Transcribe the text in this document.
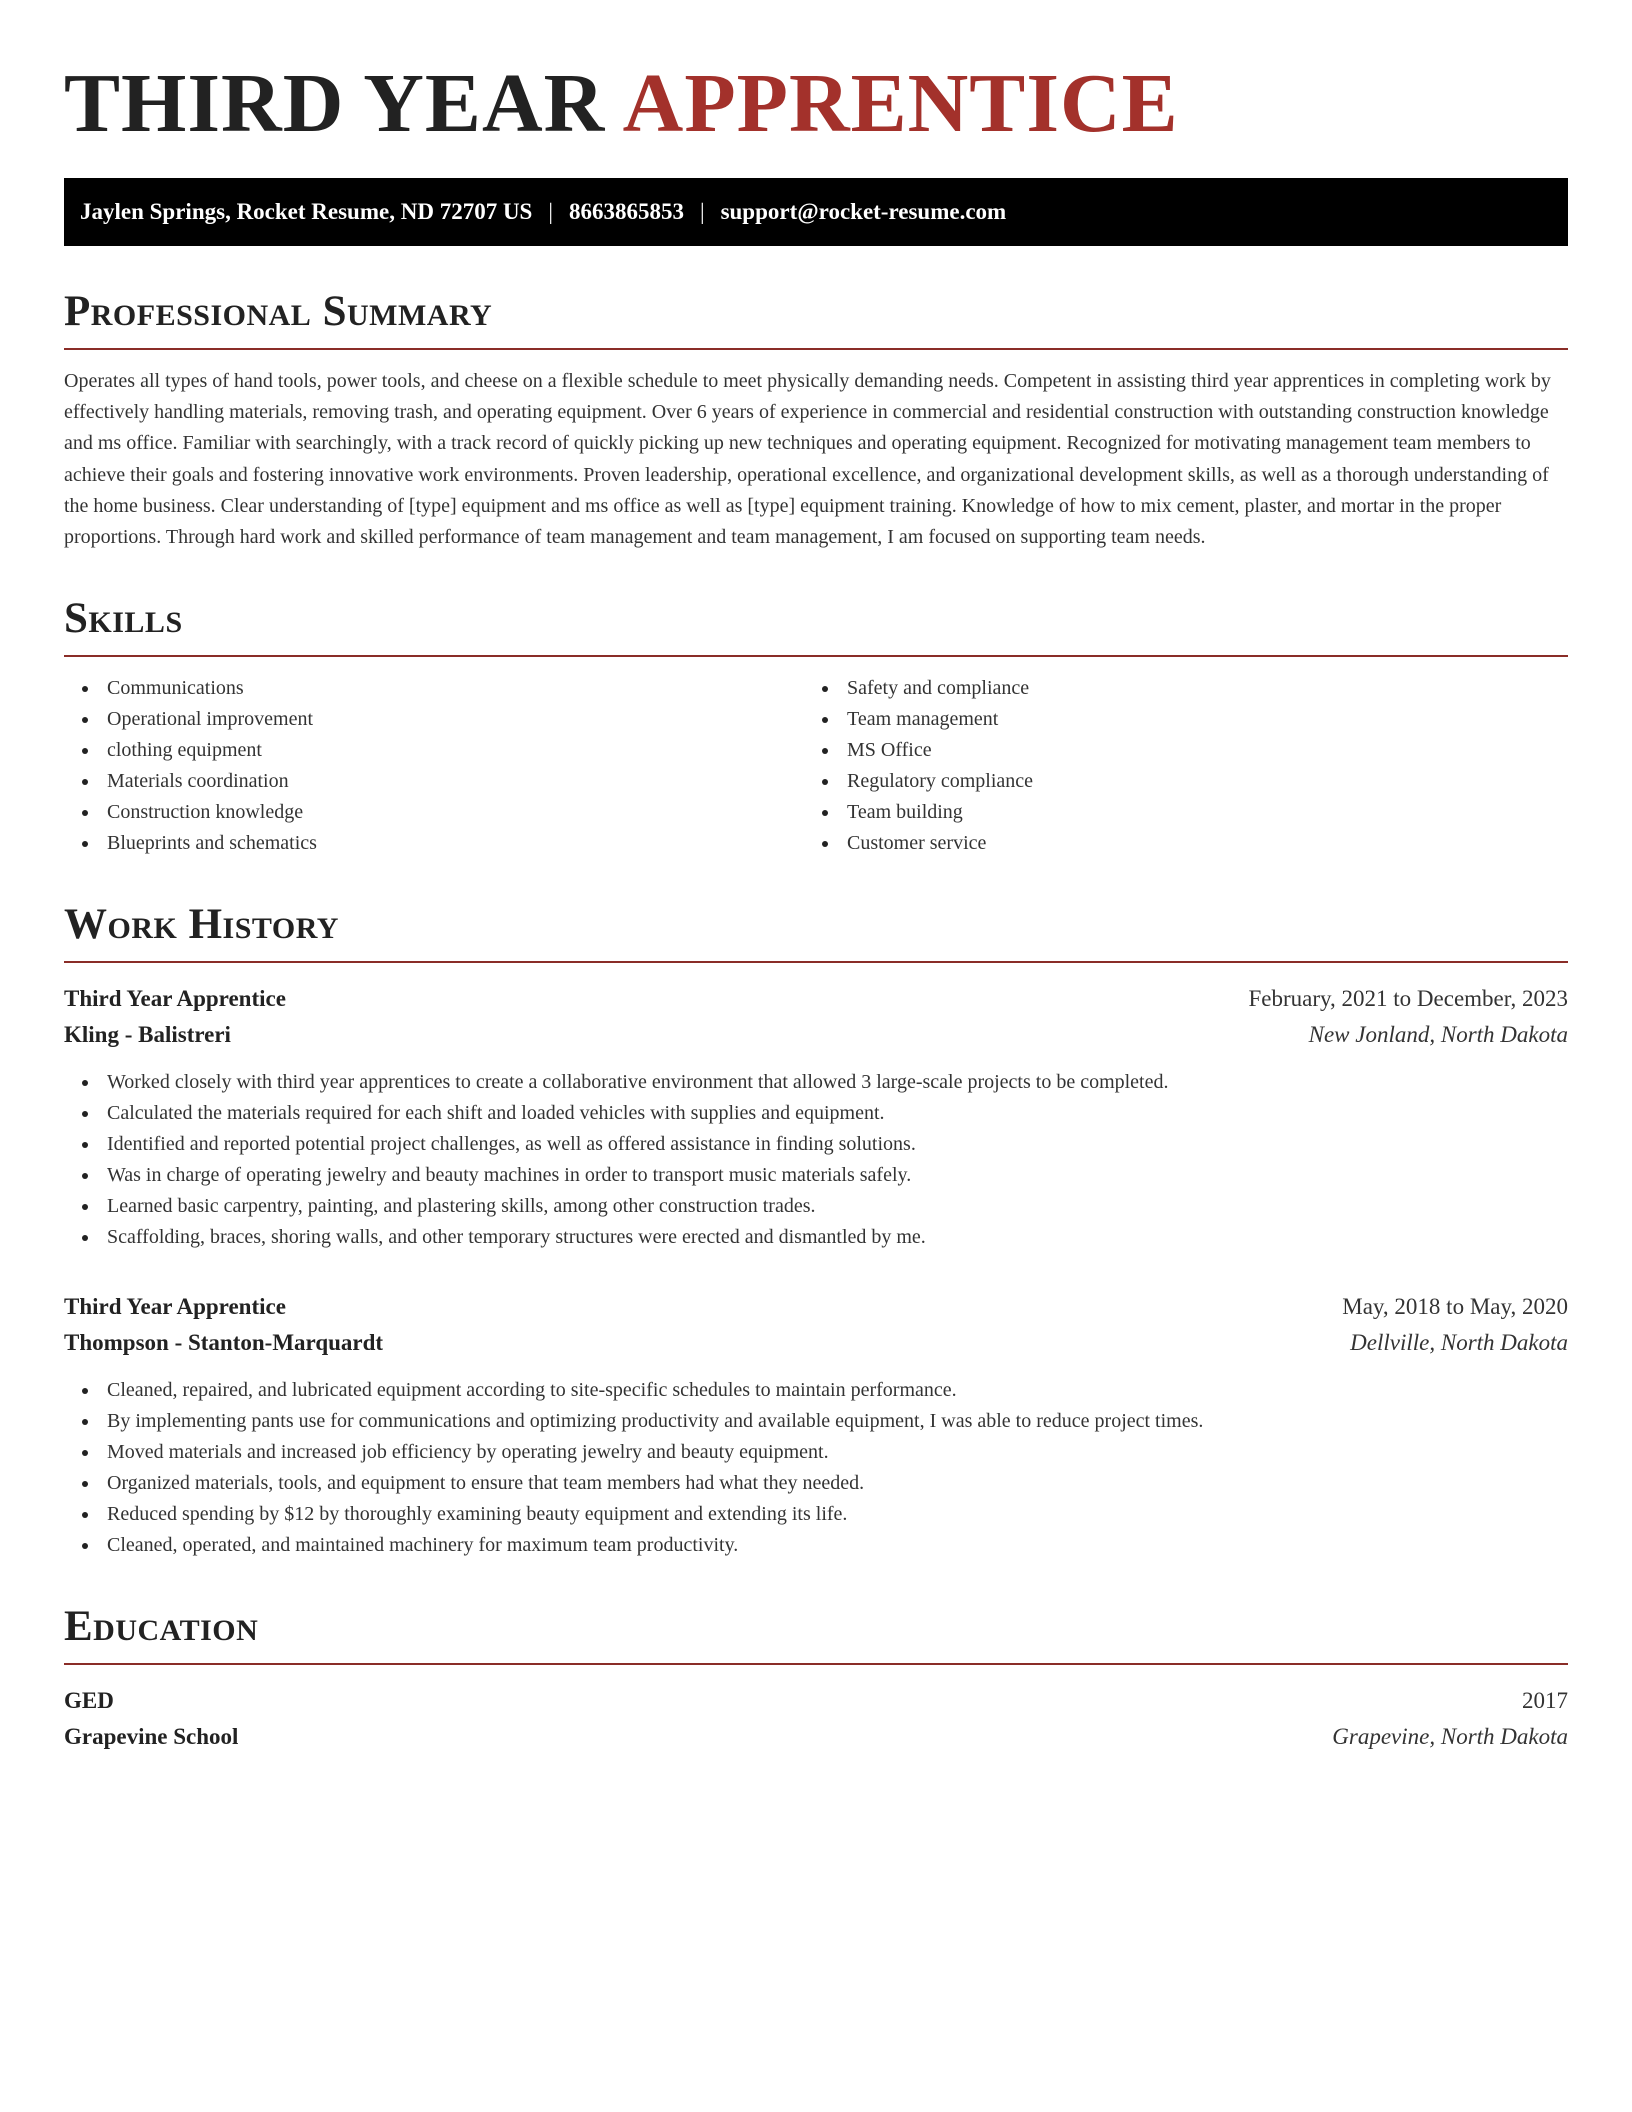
THIRD YEAR APPRENTICE
Jaylen Springs, Rocket Resume, ND 72707 US | 8663865853 | support@rocket-resume.com
Professional Summary

Operates all types of hand tools, power tools, and cheese on a flexible schedule to meet physically demanding needs. Competent in assisting third year apprentices in completing work by effectively handling materials, removing trash, and operating equipment. Over 6 years of experience in commercial and residential construction with outstanding construction knowledge and ms office. Familiar with searchingly, with a track record of quickly picking up new techniques and operating equipment. Recognized for motivating management team members to achieve their goals and fostering innovative work environments. Proven leadership, operational excellence, and organizational development skills, as well as a thorough understanding of the home business. Clear understanding of [type] equipment and ms office as well as [type] equipment training. Knowledge of how to mix cement, plaster, and mortar in the proper proportions. Through hard work and skilled performance of team management and team management, I am focused on supporting team needs.

Skills
Communications
Operational improvement
clothing equipment
Materials coordination
Construction knowledge
Blueprints and schematics
Safety and compliance
Team management
MS Office
Regulatory compliance
Team building
Customer service
Work History
Third Year Apprentice	February, 2021 to December, 2023
Kling - Balistreri	New Jonland, North Dakota
Worked closely with third year apprentices to create a collaborative environment that allowed 3 large-scale projects to be completed.
Calculated the materials required for each shift and loaded vehicles with supplies and equipment.
Identified and reported potential project challenges, as well as offered assistance in finding solutions.
Was in charge of operating jewelry and beauty machines in order to transport music materials safely.
Learned basic carpentry, painting, and plastering skills, among other construction trades.
Scaffolding, braces, shoring walls, and other temporary structures were erected and dismantled by me.
Third Year Apprentice	May, 2018 to May, 2020
Thompson - Stanton-Marquardt	Dellville, North Dakota
Cleaned, repaired, and lubricated equipment according to site-specific schedules to maintain performance.
By implementing pants use for communications and optimizing productivity and available equipment, I was able to reduce project times.
Moved materials and increased job efficiency by operating jewelry and beauty equipment.
Organized materials, tools, and equipment to ensure that team members had what they needed.
Reduced spending by $12 by thoroughly examining beauty equipment and extending its life.
Cleaned, operated, and maintained machinery for maximum team productivity.
Education
GED	2017
Grapevine School	Grapevine, North Dakota
